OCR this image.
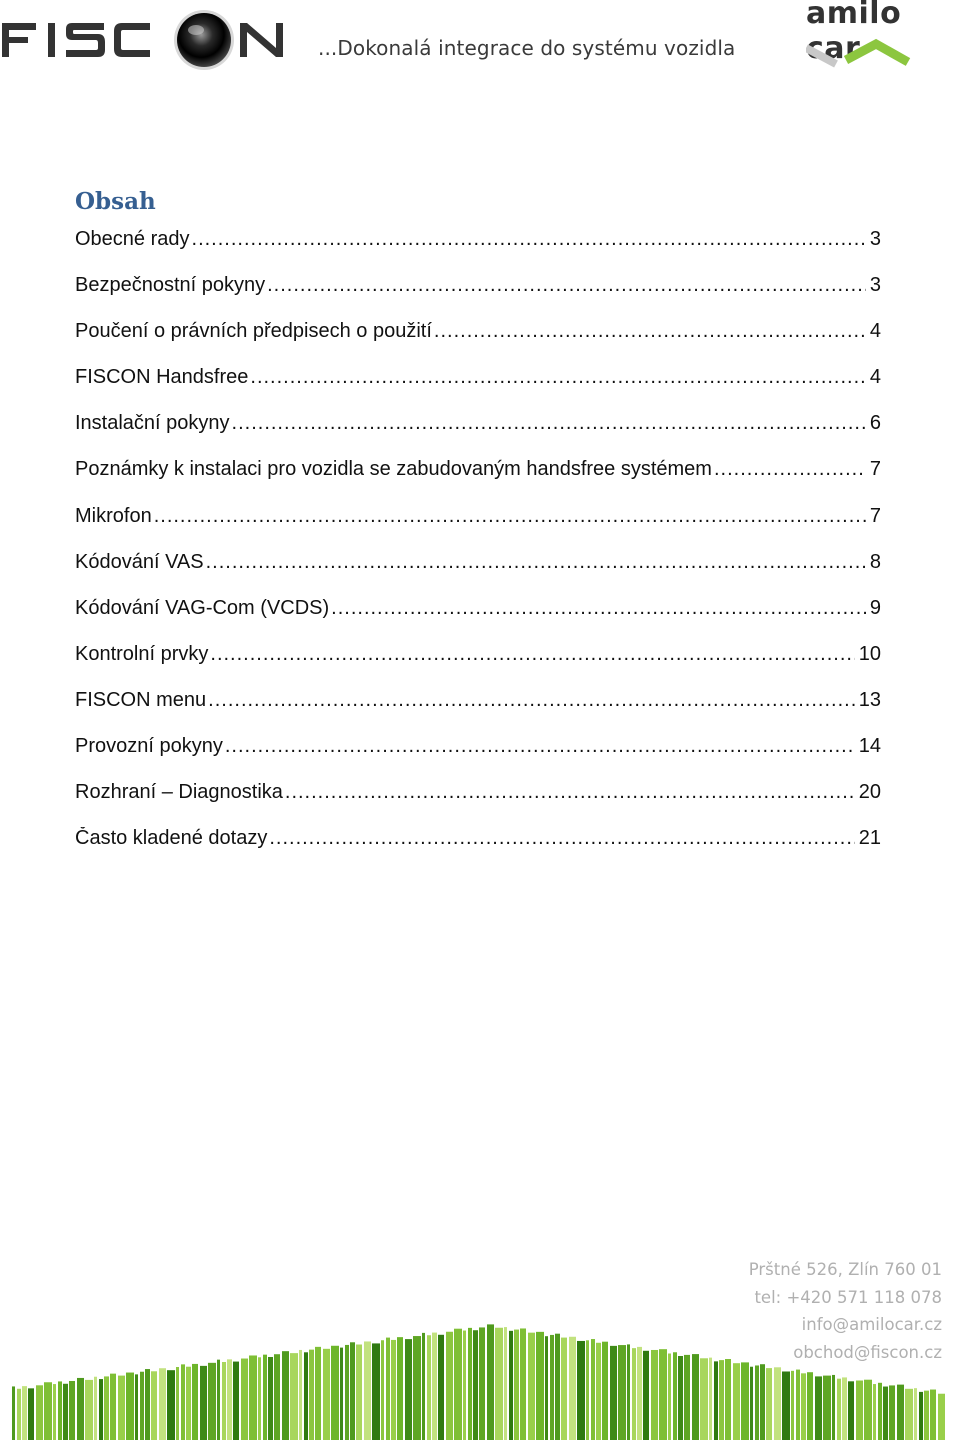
...Dokonalá integrace do systému vozidla
amilo car
Obsah
Obecné rady .....	3
Bezpečnostní pokyny .....	3
Poučení o právních předpisech o použití .....	4
FISCON Handsfree .....	4
Instalační pokyny .....	6
Poznámky k instalaci pro vozidla se zabudovaným handsfree systémem .....	7
Mikrofon .....	7
Kódování VAS .....	8
Kódování VAG-Com (VCDS) .....	9
Kontrolní prvky .....	10
FISCON menu .....	13
Provozní pokyny .....	14
Rozhraní – Diagnostika .....	20
Často kladené dotazy .....	21
Prštné 526, Zlín 760 01
tel: +420 571 118 078
info@amilocar.cz
obchod@fiscon.cz
